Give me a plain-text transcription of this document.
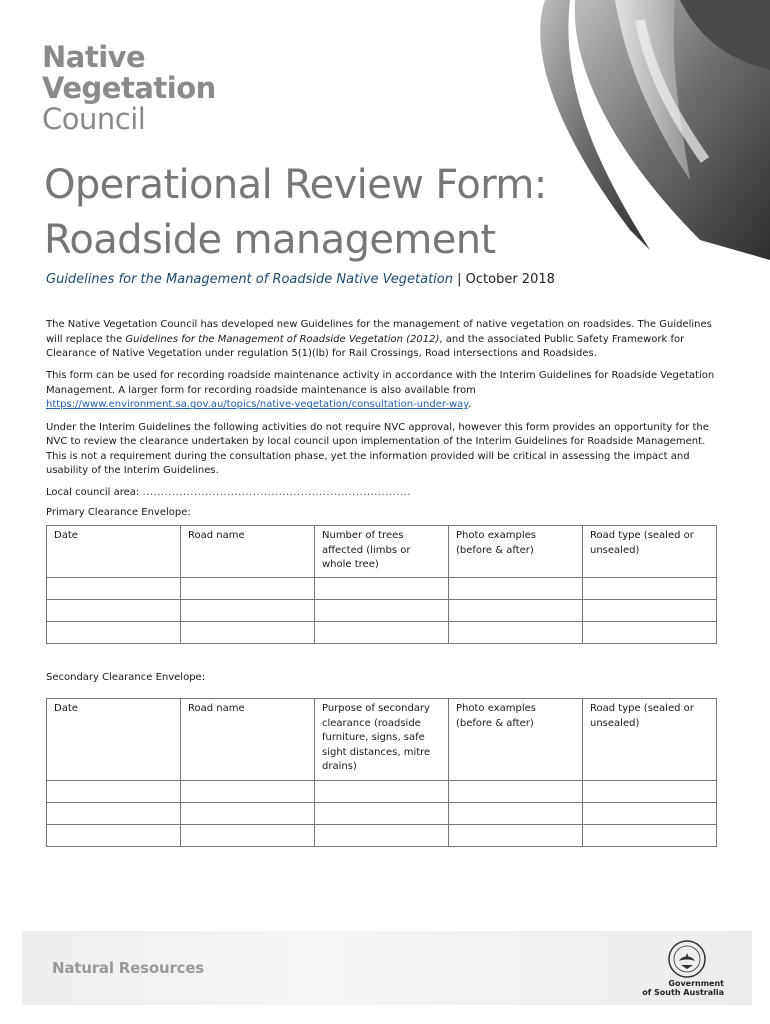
Native
Vegetation
Council
Operational Review Form:
Roadside management
Guidelines for the Management of Roadside Native Vegetation | October 2018

The Native Vegetation Council has developed new Guidelines for the management of native vegetation on roadsides. The Guidelines will replace the Guidelines for the Management of Roadside Vegetation (2012), and the associated Public Safety Framework for Clearance of Native Vegetation under regulation 5(1)(lb) for Rail Crossings, Road intersections and Roadsides.

This form can be used for recording roadside maintenance activity in accordance with the Interim Guidelines for Roadside Vegetation Management. A larger form for recording roadside maintenance is also available from https://www.environment.sa.gov.au/topics/native-vegetation/consultation-under-way.

Under the Interim Guidelines the following activities do not require NVC approval, however this form provides an opportunity for the NVC to review the clearance undertaken by local council upon implementation of the Interim Guidelines for Roadside Management. This is not a requirement during the consultation phase, yet the information provided will be critical in assessing the impact and usability of the Interim Guidelines.

Local council area: .........................................................................

Primary Clearance Envelope:
Date	Road name	Number of trees affected (limbs or whole tree)	Photo examples (before & after)	Road type (sealed or unsealed)

Secondary Clearance Envelope:
Date	Road name	Purpose of secondary clearance (roadside furniture, signs, safe sight distances, mitre drains)	Photo examples (before & after)	Road type (sealed or unsealed)

Natural Resources
Government
of South Australia
